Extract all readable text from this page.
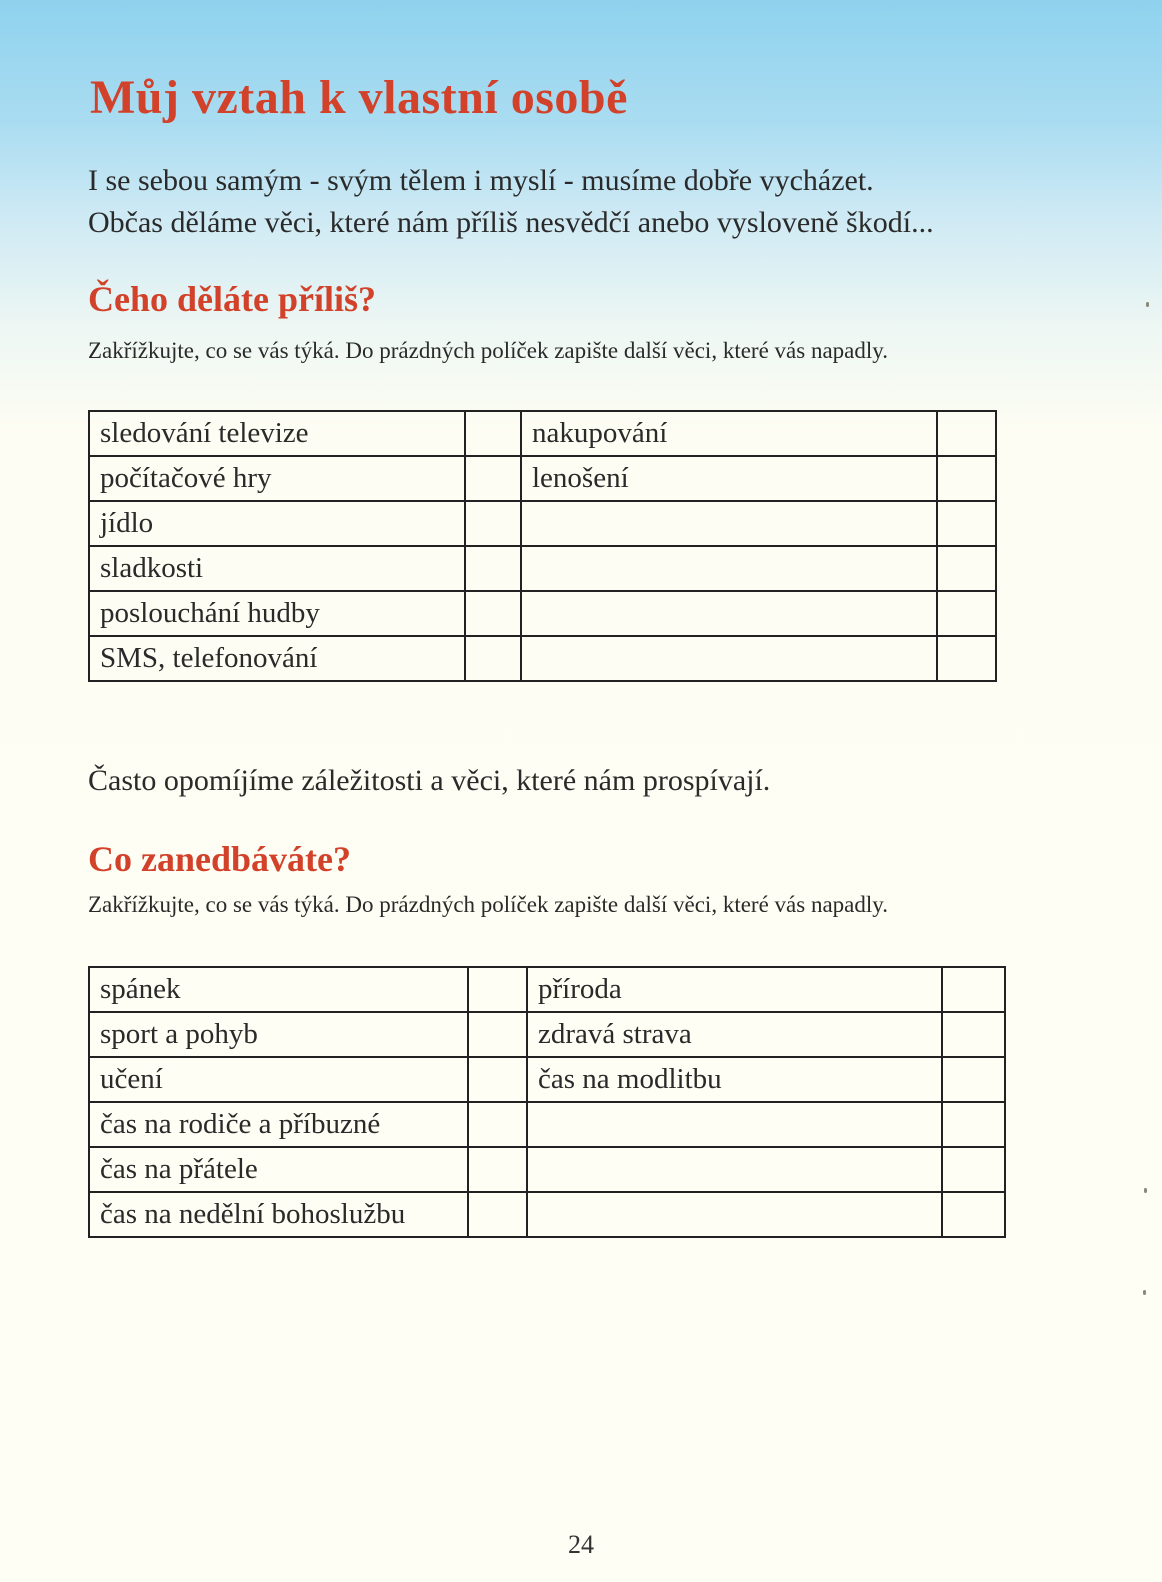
Můj vztah k vlastní osobě

I se sebou samým - svým tělem i myslí - musíme dobře vycházet.
Občas děláme věci, které nám příliš nesvědčí anebo vysloveně škodí...

Čeho děláte příliš?

Zakřížkujte, co se vás týká. Do prázdných políček zapište další věci, které vás napadly.

sledování televize		nakupování	
počítačové hry		lenošení	
jídlo			
sladkosti			
poslouchání hudby			
SMS, telefonování			

Často opomíjíme záležitosti a věci, které nám prospívají.

Co zanedbáváte?

Zakřížkujte, co se vás týká. Do prázdných políček zapište další věci, které vás napadly.

spánek		příroda	
sport a pohyb		zdravá strava	
učení		čas na modlitbu	
čas na rodiče a příbuzné			
čas na přátele			
čas na nedělní bohoslužbu			
24
